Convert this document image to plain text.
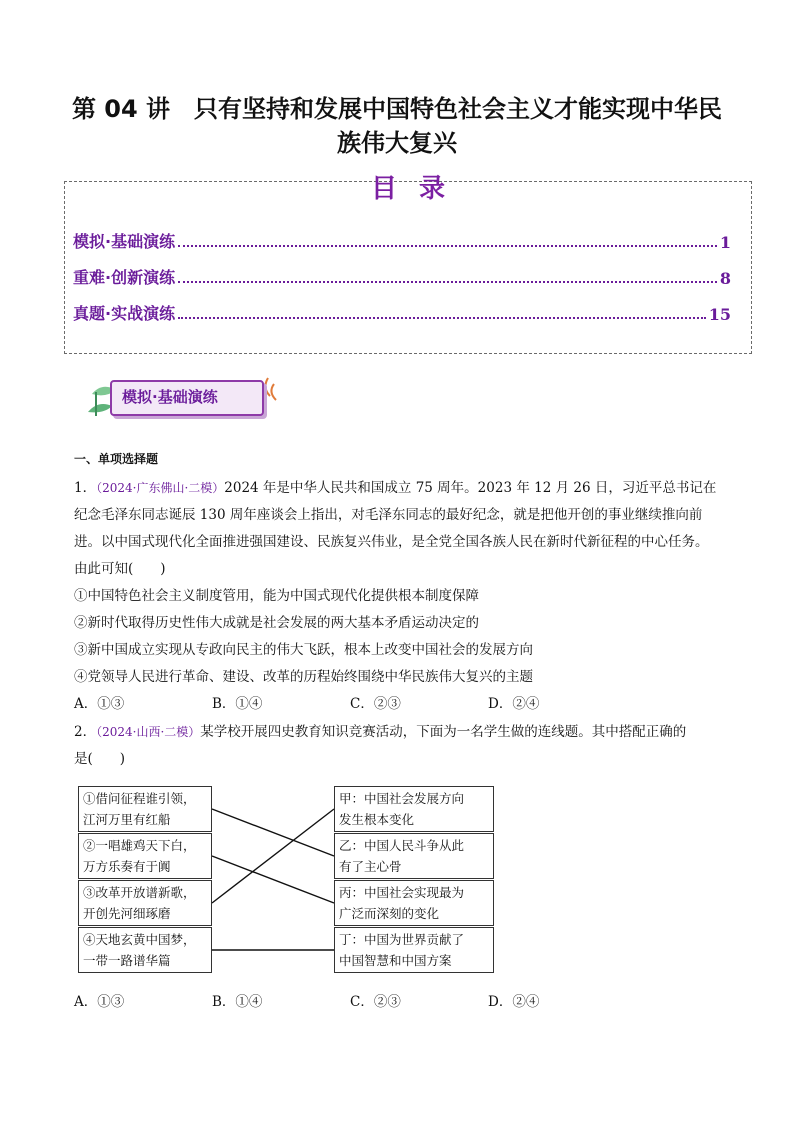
第 04 讲　只有坚持和发展中国特色社会主义才能实现中华民
族伟大复兴
目录
模拟·基础演练	1
重难·创新演练	8
真题·实战演练	15
模拟·基础演练
一、单项选择题
1．（2024·广东佛山·二模）2024 年是中华人民共和国成立 75 周年。2023 年 12 月 26 日，习近平总书记在
纪念毛泽东同志诞辰 130 周年座谈会上指出，对毛泽东同志的最好纪念，就是把他开创的事业继续推向前
进。以中国式现代化全面推进强国建设、民族复兴伟业，是全党全国各族人民在新时代新征程的中心任务。
由此可知(　　)
①中国特色社会主义制度管用，能为中国式现代化提供根本制度保障
②新时代取得历史性伟大成就是社会发展的两大基本矛盾运动决定的
③新中国成立实现从专政向民主的伟大飞跃，根本上改变中国社会的发展方向
④党领导人民进行革命、建设、改革的历程始终围绕中华民族伟大复兴的主题
A．①③	B．①④	C．②③	D．②④
2．（2024·山西·二模）某学校开展四史教育知识竞赛活动，下面为一名学生做的连线题。其中搭配正确的
是(　　)
①借问征程谁引领，
江河万里有红船
②一唱雄鸡天下白，
万方乐奏有于阗
③改革开放谱新歌，
开创先河细琢磨
④天地玄黄中国梦，
一带一路谱华篇
甲：中国社会发展方向
发生根本变化
乙：中国人民斗争从此
有了主心骨
丙：中国社会实现最为
广泛而深刻的变化
丁：中国为世界贡献了
中国智慧和中国方案
A．①③	B．①④	C．②③	D．②④
